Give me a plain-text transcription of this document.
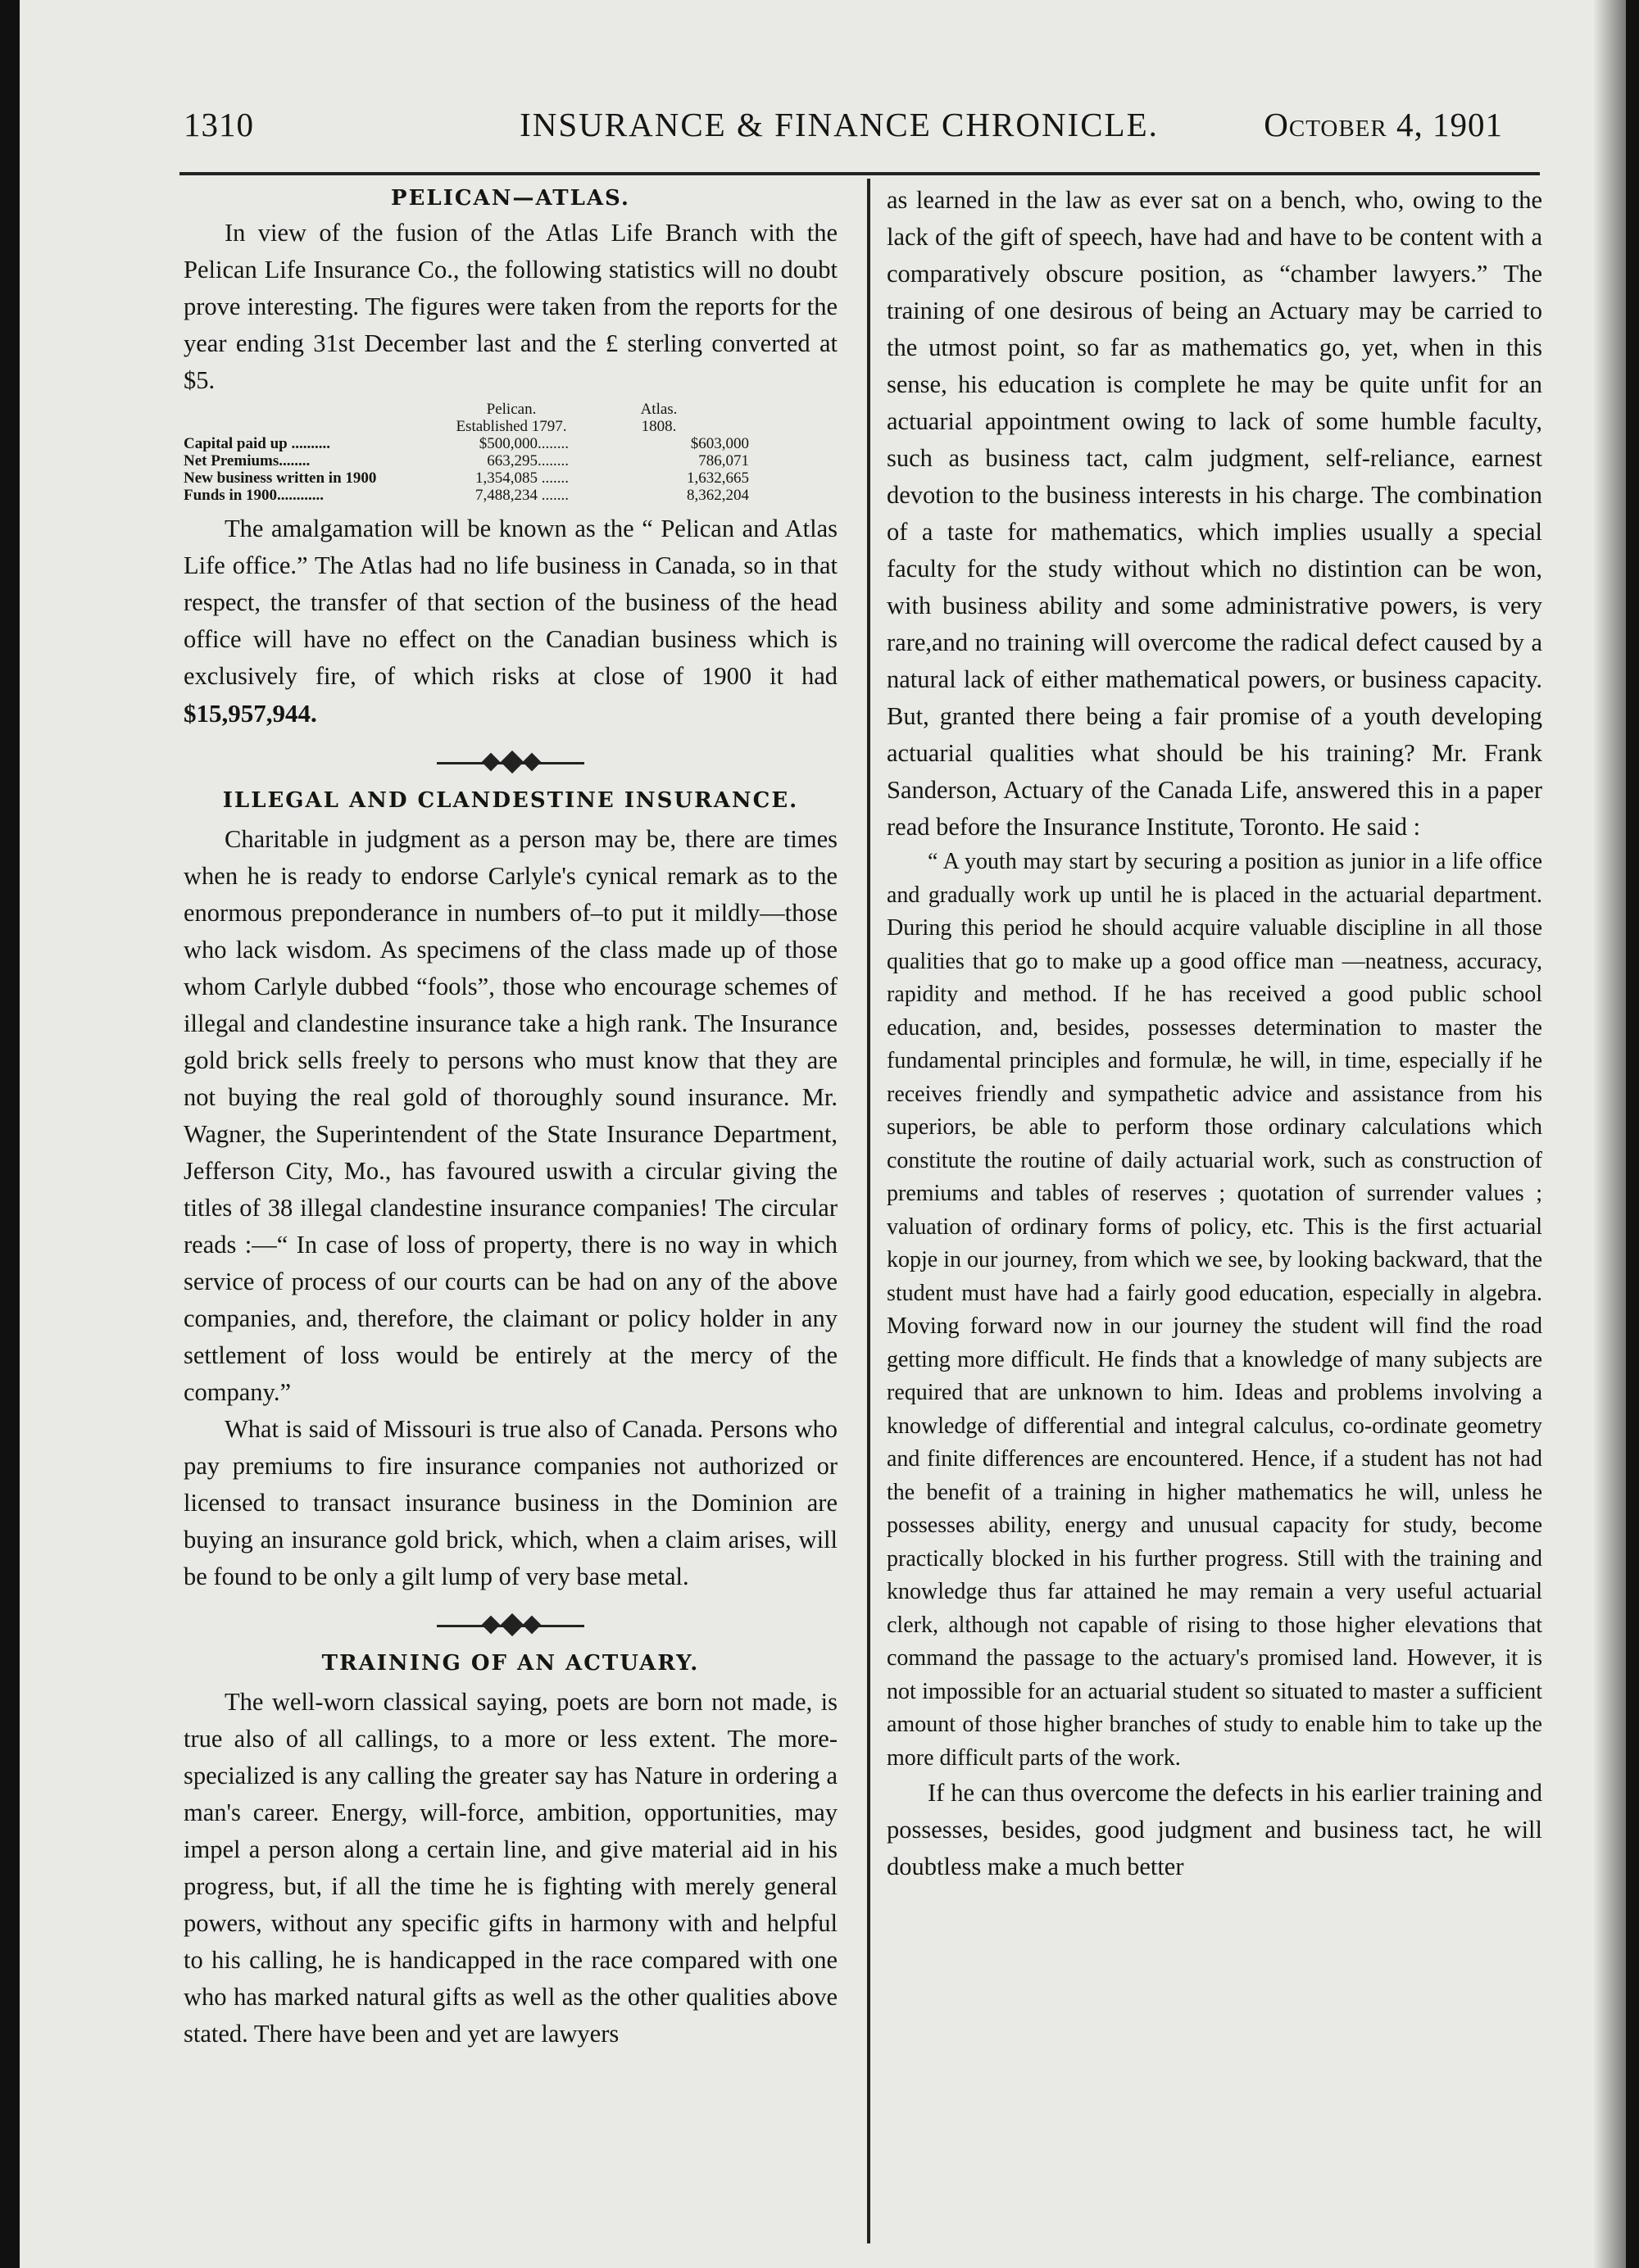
1310	INSURANCE & FINANCE CHRONICLE.	October 4, 1901
PELICAN—ATLAS.

In view of the fusion of the Atlas Life Branch with the Pelican Life Insurance Co., the following statistics will no doubt prove interesting. The figures were taken from the reports for the year ending 31st December last and the £ sterling converted at $5.

	Pelican.	Atlas.
	Established 1797.	1808.
Capital paid up ..........	$500,000........	$603,000
Net Premiums........	663,295........	786,071
New business written in 1900	1,354,085 .......	1,632,665
Funds in 1900............	7,488,234 .......	8,362,204

The amalgamation will be known as the “ Pelican and Atlas Life office.” The Atlas had no life business in Canada, so in that respect, the transfer of that section of the business of the head office will have no effect on the Canadian business which is exclusively fire, of which risks at close of 1900 it had $15,957,944.

ILLEGAL AND CLANDESTINE INSURANCE.

Charitable in judgment as a person may be, there are times when he is ready to endorse Carlyle's cynical remark as to the enormous preponderance in numbers of–to put it mildly—those who lack wisdom. As specimens of the class made up of those whom Carlyle dubbed “fools”, those who encourage schemes of illegal and clandestine insurance take a high rank. The Insurance gold brick sells freely to persons who must know that they are not buying the real gold of thoroughly sound insurance. Mr. Wagner, the Superintendent of the State Insurance Department, Jefferson City, Mo., has favoured uswith a circular giving the titles of 38 illegal clandestine insurance companies! The circular reads :—“ In case of loss of property, there is no way in which service of process of our courts can be had on any of the above companies, and, therefore, the claimant or policy holder in any settlement of loss would be entirely at the mercy of the company.”

What is said of Missouri is true also of Canada. Persons who pay premiums to fire insurance companies not authorized or licensed to transact insurance business in the Dominion are buying an insurance gold brick, which, when a claim arises, will be found to be only a gilt lump of very base metal.

TRAINING OF AN ACTUARY.

The well-worn classical saying, poets are born not made, is true also of all callings, to a more or less extent. The more-specialized is any calling the greater say has Nature in ordering a man's career. Energy, will-force, ambition, opportunities, may impel a person along a certain line, and give material aid in his progress, but, if all the time he is fighting with merely general powers, without any specific gifts in harmony with and helpful to his calling, he is handicapped in the race compared with one who has marked natural gifts as well as the other qualities above stated. There have been and yet are lawyers

as learned in the law as ever sat on a bench, who, owing to the lack of the gift of speech, have had and have to be content with a comparatively obscure position, as “chamber lawyers.” The training of one desirous of being an Actuary may be carried to the utmost point, so far as mathematics go, yet, when in this sense, his education is complete he may be quite unfit for an actuarial appointment owing to lack of some humble faculty, such as business tact, calm judgment, self-reliance, earnest devotion to the business interests in his charge. The combination of a taste for mathematics, which implies usually a special faculty for the study without which no distintion can be won, with business ability and some administrative powers, is very rare,and no training will overcome the radical defect caused by a natural lack of either mathematical powers, or business capacity. But, granted there being a fair promise of a youth developing actuarial qualities what should be his training? Mr. Frank Sanderson, Actuary of the Canada Life, answered this in a paper read before the Insurance Institute, Toronto. He said :

“ A youth may start by securing a position as junior in a life office and gradually work up until he is placed in the actuarial department. During this period he should acquire valuable discipline in all those qualities that go to make up a good office man —neatness, accuracy, rapidity and method. If he has received a good public school education, and, besides, possesses determination to master the fundamental principles and formulæ, he will, in time, especially if he receives friendly and sympathetic advice and assistance from his superiors, be able to perform those ordinary calculations which constitute the routine of daily actuarial work, such as construction of premiums and tables of reserves ; quotation of surrender values ; valuation of ordinary forms of policy, etc. This is the first actuarial kopje in our journey, from which we see, by looking backward, that the student must have had a fairly good education, especially in algebra. Moving forward now in our journey the student will find the road getting more difficult. He finds that a knowledge of many subjects are required that are unknown to him. Ideas and problems involving a knowledge of differential and integral calculus, co-ordinate geometry and finite differences are encountered. Hence, if a student has not had the benefit of a training in higher mathematics he will, unless he possesses ability, energy and unusual capacity for study, become practically blocked in his further progress. Still with the training and knowledge thus far attained he may remain a very useful actuarial clerk, although not capable of rising to those higher elevations that command the passage to the actuary's promised land. However, it is not impossible for an actuarial student so situated to master a sufficient amount of those higher branches of study to enable him to take up the more difficult parts of the work.

If he can thus overcome the defects in his earlier training and possesses, besides, good judgment and business tact, he will doubtless make a much better
